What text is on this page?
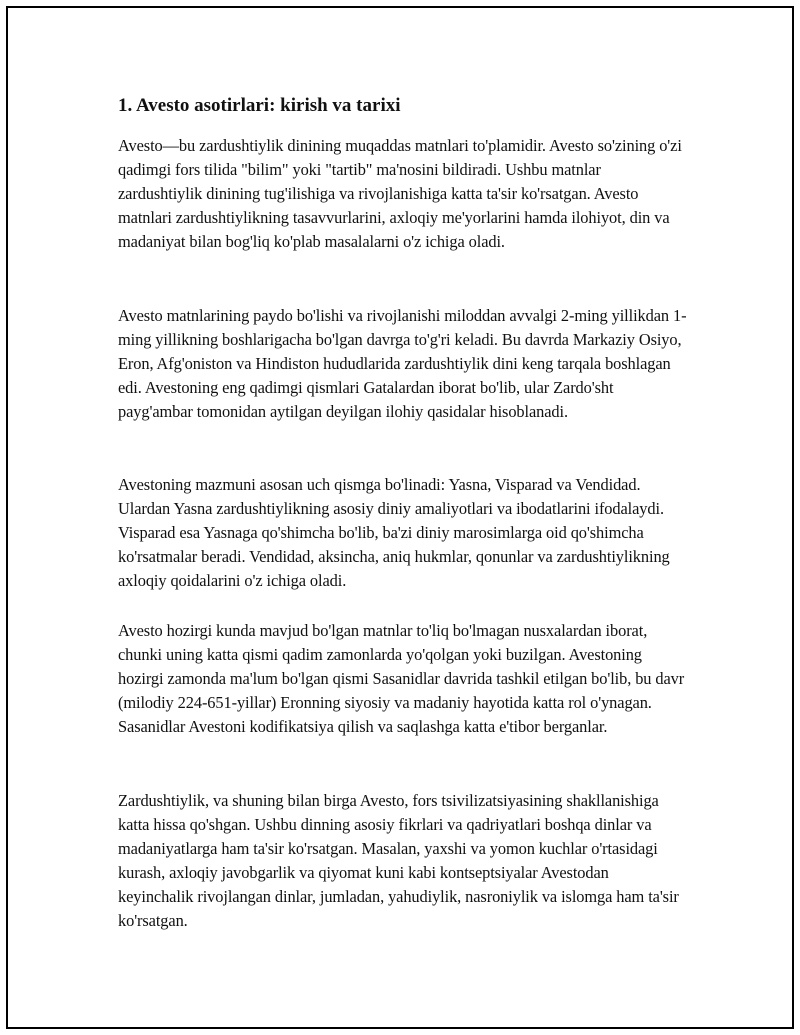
1. Avesto asotirlari: kirish va tarixi

Avesto—bu zardushtiylik dinining muqaddas matnlari to'plamidir. Avesto so'zining o'zi qadimgi fors tilida "bilim" yoki "tartib" ma'nosini bildiradi. Ushbu matnlar zardushtiylik dinining tug'ilishiga va rivojlanishiga katta ta'sir ko'rsatgan. Avesto matnlari zardushtiylikning tasavvurlarini, axloqiy me'yorlarini hamda ilohiyot, din va madaniyat bilan bog'liq ko'plab masalalarni o'z ichiga oladi.

Avesto matnlarining paydo bo'lishi va rivojlanishi miloddan avvalgi 2-ming yillikdan 1-ming yillikning boshlarigacha bo'lgan davrga to'g'ri keladi. Bu davrda Markaziy Osiyo, Eron, Afg'oniston va Hindiston hududlarida zardushtiylik dini keng tarqala boshlagan edi. Avestoning eng qadimgi qismlari Gatalardan iborat bo'lib, ular Zardo'sht payg'ambar tomonidan aytilgan deyilgan ilohiy qasidalar hisoblanadi.

Avestoning mazmuni asosan uch qismga bo'linadi: Yasna, Visparad va Vendidad. Ulardan Yasna zardushtiylikning asosiy diniy amaliyotlari va ibodatlarini ifodalaydi. Visparad esa Yasnaga qo'shimcha bo'lib, ba'zi diniy marosimlarga oid qo'shimcha ko'rsatmalar beradi. Vendidad, aksincha, aniq hukmlar, qonunlar va zardushtiylikning axloqiy qoidalarini o'z ichiga oladi.

Avesto hozirgi kunda mavjud bo'lgan matnlar to'liq bo'lmagan nusxalardan iborat, chunki uning katta qismi qadim zamonlarda yo'qolgan yoki buzilgan. Avestoning hozirgi zamonda ma'lum bo'lgan qismi Sasanidlar davrida tashkil etilgan bo'lib, bu davr (milodiy 224-651-yillar) Eronning siyosiy va madaniy hayotida katta rol o'ynagan. Sasanidlar Avestoni kodifikatsiya qilish va saqlashga katta e'tibor berganlar.

Zardushtiylik, va shuning bilan birga Avesto, fors tsivilizatsiyasining shakllanishiga katta hissa qo'shgan. Ushbu dinning asosiy fikrlari va qadriyatlari boshqa dinlar va madaniyatlarga ham ta'sir ko'rsatgan. Masalan, yaxshi va yomon kuchlar o'rtasidagi kurash, axloqiy javobgarlik va qiyomat kuni kabi kontseptsiyalar Avestodan keyinchalik rivojlangan dinlar, jumladan, yahudiylik, nasroniylik va islomga ham ta'sir ko'rsatgan.
